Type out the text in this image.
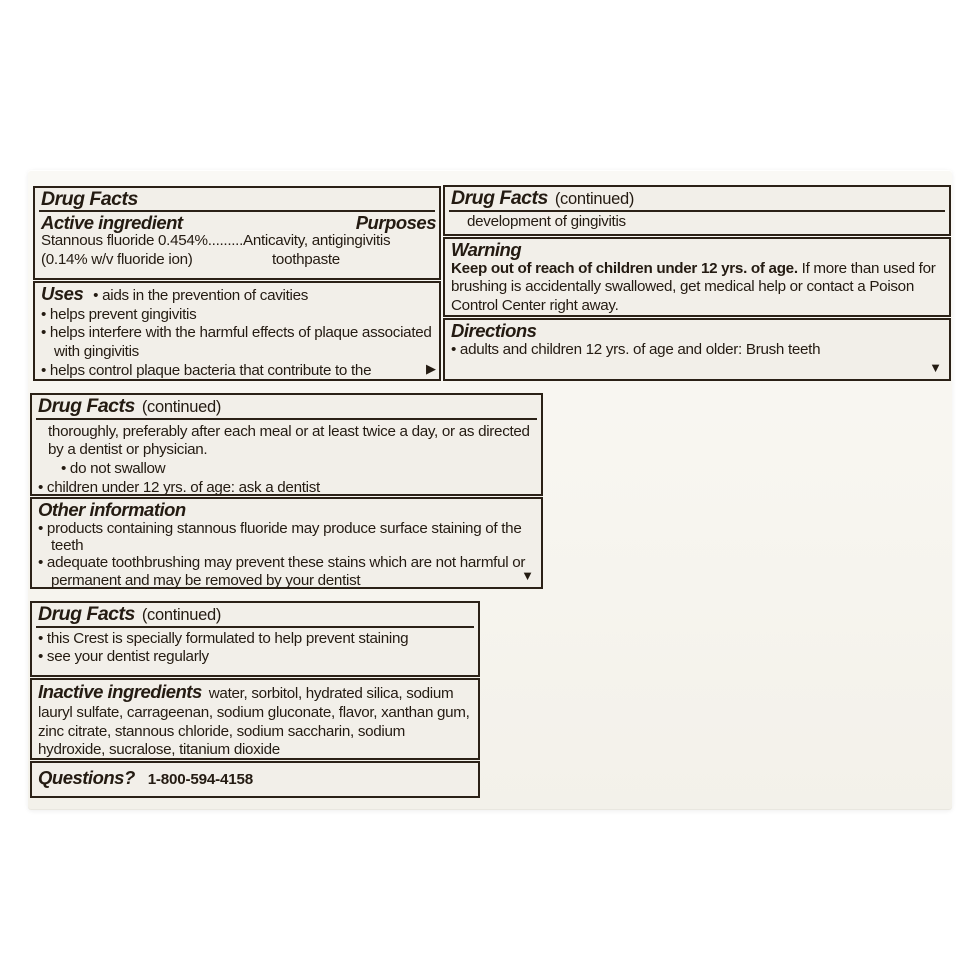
Drug Facts
Active ingredient	Purposes
Stannous fluoride 0.454%.........Anticavity, antigingivitis
(0.14% w/v fluoride ion)	toothpaste
Uses • aids in the prevention of cavities
• helps prevent gingivitis
• helps interfere with the harmful effects of plaque associated with gingivitis
• helps control plaque bacteria that contribute to the	▶
Drug Facts (continued)
development of gingivitis
Warning
Keep out of reach of children under 12 yrs. of age. If more than used for brushing is accidentally swallowed, get medical help or contact a Poison Control Center right away.
Directions
• adults and children 12 yrs. of age and older: Brush teeth
▼
Drug Facts (continued)
thoroughly, preferably after each meal or at least twice a day, or as directed by a dentist or physician.
• do not swallow
• children under 12 yrs. of age: ask a dentist
Other information
• products containing stannous fluoride may produce surface staining of the teeth
• adequate toothbrushing may prevent these stains which are not harmful or permanent and may be removed by your dentist	▼
Drug Facts (continued)
• this Crest is specially formulated to help prevent staining
• see your dentist regularly
Inactive ingredients water, sorbitol, hydrated silica, sodium lauryl sulfate, carrageenan, sodium gluconate, flavor, xanthan gum, zinc citrate, stannous chloride, sodium saccharin, sodium hydroxide, sucralose, titanium dioxide
Questions? 1-800-594-4158
